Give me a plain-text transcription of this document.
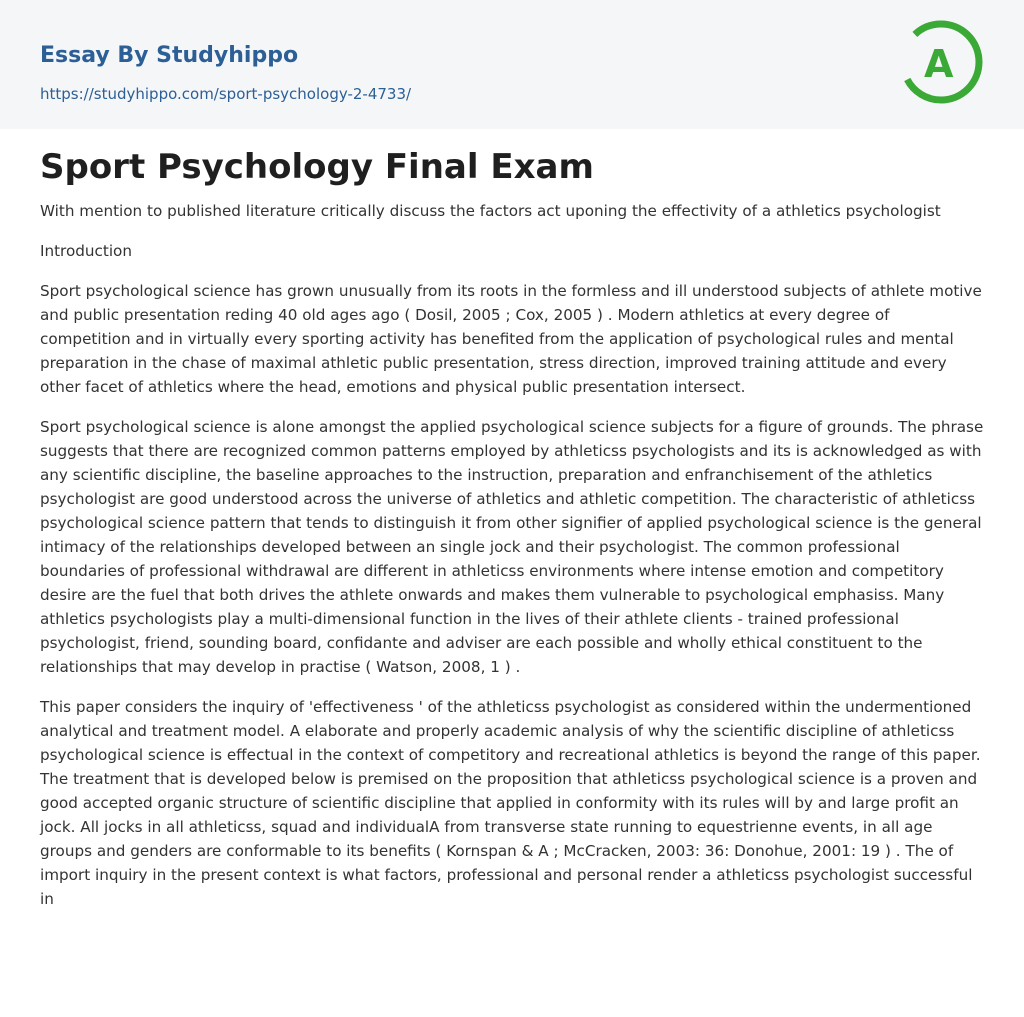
Essay By Studyhippo
https://studyhippo.com/sport-psychology-2-4733/
A
Sport Psychology Final Exam

With mention to published literature critically discuss the factors act uponing the effectivity of a athletics psychologist

Introduction

Sport psychological science has grown unusually from its roots in the formless and ill understood subjects of athlete motive and public presentation reding 40 old ages ago ( Dosil, 2005 ; Cox, 2005 ) . Modern athletics at every degree of competition and in virtually every sporting activity has benefited from the application of psychological rules and mental preparation in the chase of maximal athletic public presentation, stress direction, improved training attitude and every other facet of athletics where the head, emotions and physical public presentation intersect.

Sport psychological science is alone amongst the applied psychological science subjects for a figure of grounds. The phrase suggests that there are recognized common patterns employed by athleticss psychologists and its is acknowledged as with any scientific discipline, the baseline approaches to the instruction, preparation and enfranchisement of the athletics psychologist are good understood across the universe of athletics and athletic competition. The characteristic of athleticss psychological science pattern that tends to distinguish it from other signifier of applied psychological science is the general intimacy of the relationships developed between an single jock and their psychologist. The common professional boundaries of professional withdrawal are different in athleticss environments where intense emotion and competitory desire are the fuel that both drives the athlete onwards and makes them vulnerable to psychological emphasiss. Many athletics psychologists play a multi-dimensional function in the lives of their athlete clients - trained professional psychologist, friend, sounding board, confidante and adviser are each possible and wholly ethical constituent to the relationships that may develop in practise ( Watson, 2008, 1 ) .

This paper considers the inquiry of 'effectiveness ' of the athleticss psychologist as considered within the undermentioned analytical and treatment model. A elaborate and properly academic analysis of why the scientific discipline of athleticss psychological science is effectual in the context of competitory and recreational athletics is beyond the range of this paper. The treatment that is developed below is premised on the proposition that athleticss psychological science is a proven and good accepted organic structure of scientific discipline that applied in conformity with its rules will by and large profit an jock. All jocks in all athleticss, squad and individualA from transverse state running to equestrienne events, in all age groups and genders are conformable to its benefits ( Kornspan & A ; McCracken, 2003: 36: Donohue, 2001: 19 ) . The of import inquiry in the present context is what factors, professional and personal render a athleticss psychologist successful in
